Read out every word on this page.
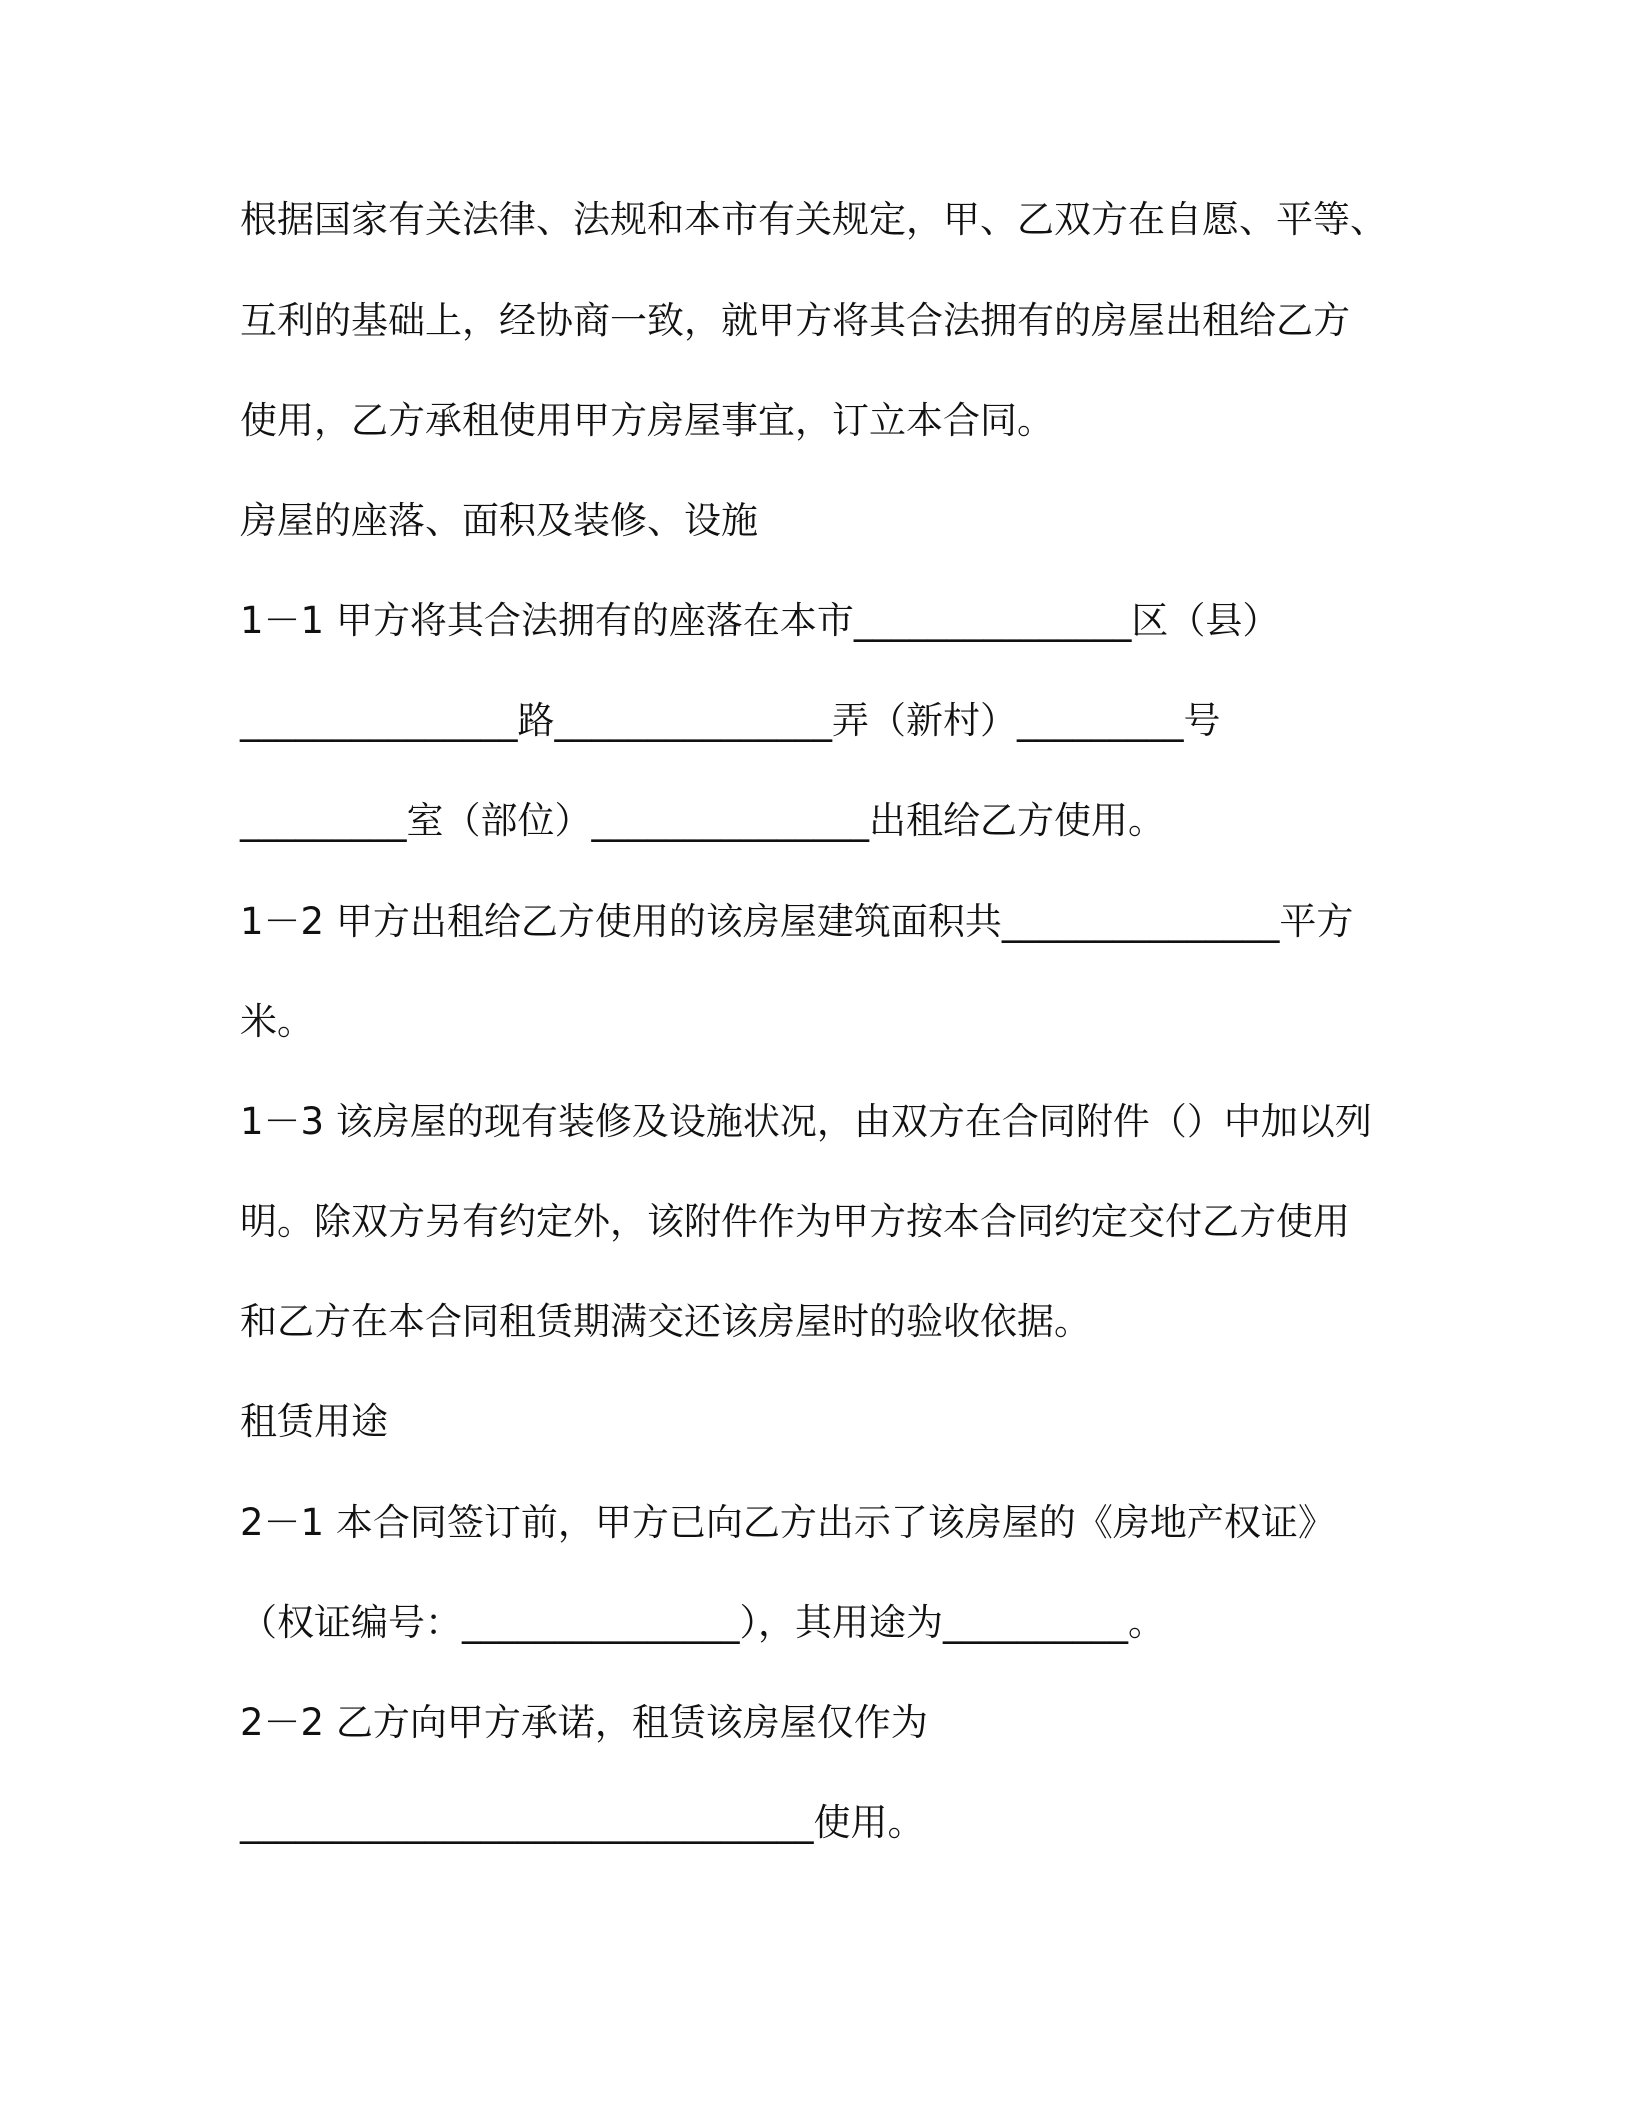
根据国家有关法律、法规和本市有关规定，甲、乙双方在自愿、平等、
互利的基础上，经协商一致，就甲方将其合法拥有的房屋出租给乙方
使用，乙方承租使用甲方房屋事宜，订立本合同。
房屋的座落、面积及装修、设施
1－1 甲方将其合法拥有的座落在本市_______________区（县）
_______________路_______________弄（新村）_________号
_________室（部位）_______________出租给乙方使用。
1－2 甲方出租给乙方使用的该房屋建筑面积共_______________平方
米。
1－3 该房屋的现有装修及设施状况，由双方在合同附件（）中加以列
明。除双方另有约定外，该附件作为甲方按本合同约定交付乙方使用
和乙方在本合同租赁期满交还该房屋时的验收依据。
租赁用途
2－1 本合同签订前，甲方已向乙方出示了该房屋的《房地产权证》
（权证编号：_______________），其用途为__________。
2－2 乙方向甲方承诺，租赁该房屋仅作为
_______________________________使用。
